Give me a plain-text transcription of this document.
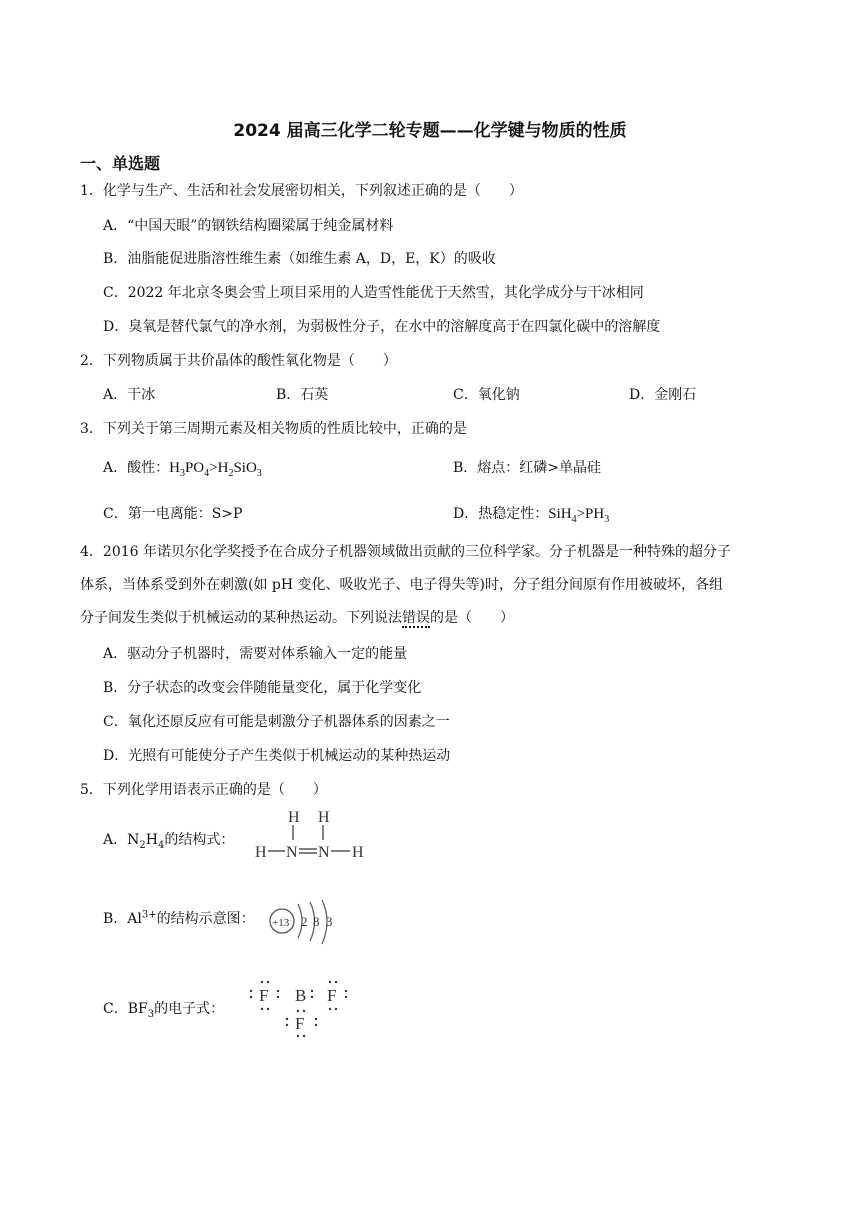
2024 届高三化学二轮专题——化学键与物质的性质
一、单选题
1．化学与生产、生活和社会发展密切相关，下列叙述正确的是（　　）
A．“中国天眼”的钢铁结构圈梁属于纯金属材料
B．油脂能促进脂溶性维生素（如维生素 A，D，E，K）的吸收
C．2022 年北京冬奥会雪上项目采用的人造雪性能优于天然雪，其化学成分与干冰相同
D．臭氧是替代氯气的净水剂，为弱极性分子，在水中的溶解度高于在四氯化碳中的溶解度
2．下列物质属于共价晶体的酸性氧化物是（　　）
A．干冰	B．石英	C．氧化钠	D．金刚石
3．下列关于第三周期元素及相关物质的性质比较中，正确的是
A．酸性：$H_3PO_4>H_2SiO_3$	B．熔点：红磷>单晶硅
C．第一电离能：S>P	D．热稳定性：$SiH_4>PH_3$
4．2016 年诺贝尔化学奖授予在合成分子机器领域做出贡献的三位科学家。分子机器是一种特殊的超分子
体系，当体系受到外在刺激(如 pH 变化、吸收光子、电子得失等)时，分子组分间原有作用被破坏，各组
分子间发生类似于机械运动的某种热运动。下列说法错误的是（　　）
A．驱动分子机器时，需要对体系输入一定的能量
B．分子状态的改变会伴随能量变化，属于化学变化
C．氧化还原反应有可能是刺激分子机器体系的因素之一
D．光照有可能使分子产生类似于机械运动的某种热运动
5．下列化学用语表示正确的是（　　）
A．$N_2H_4$的结构式：
H H
H N N H
B．$Al^{3+}$的结构示意图： +13 2 8 3
C．$BF_3$的电子式：
F B F
F
